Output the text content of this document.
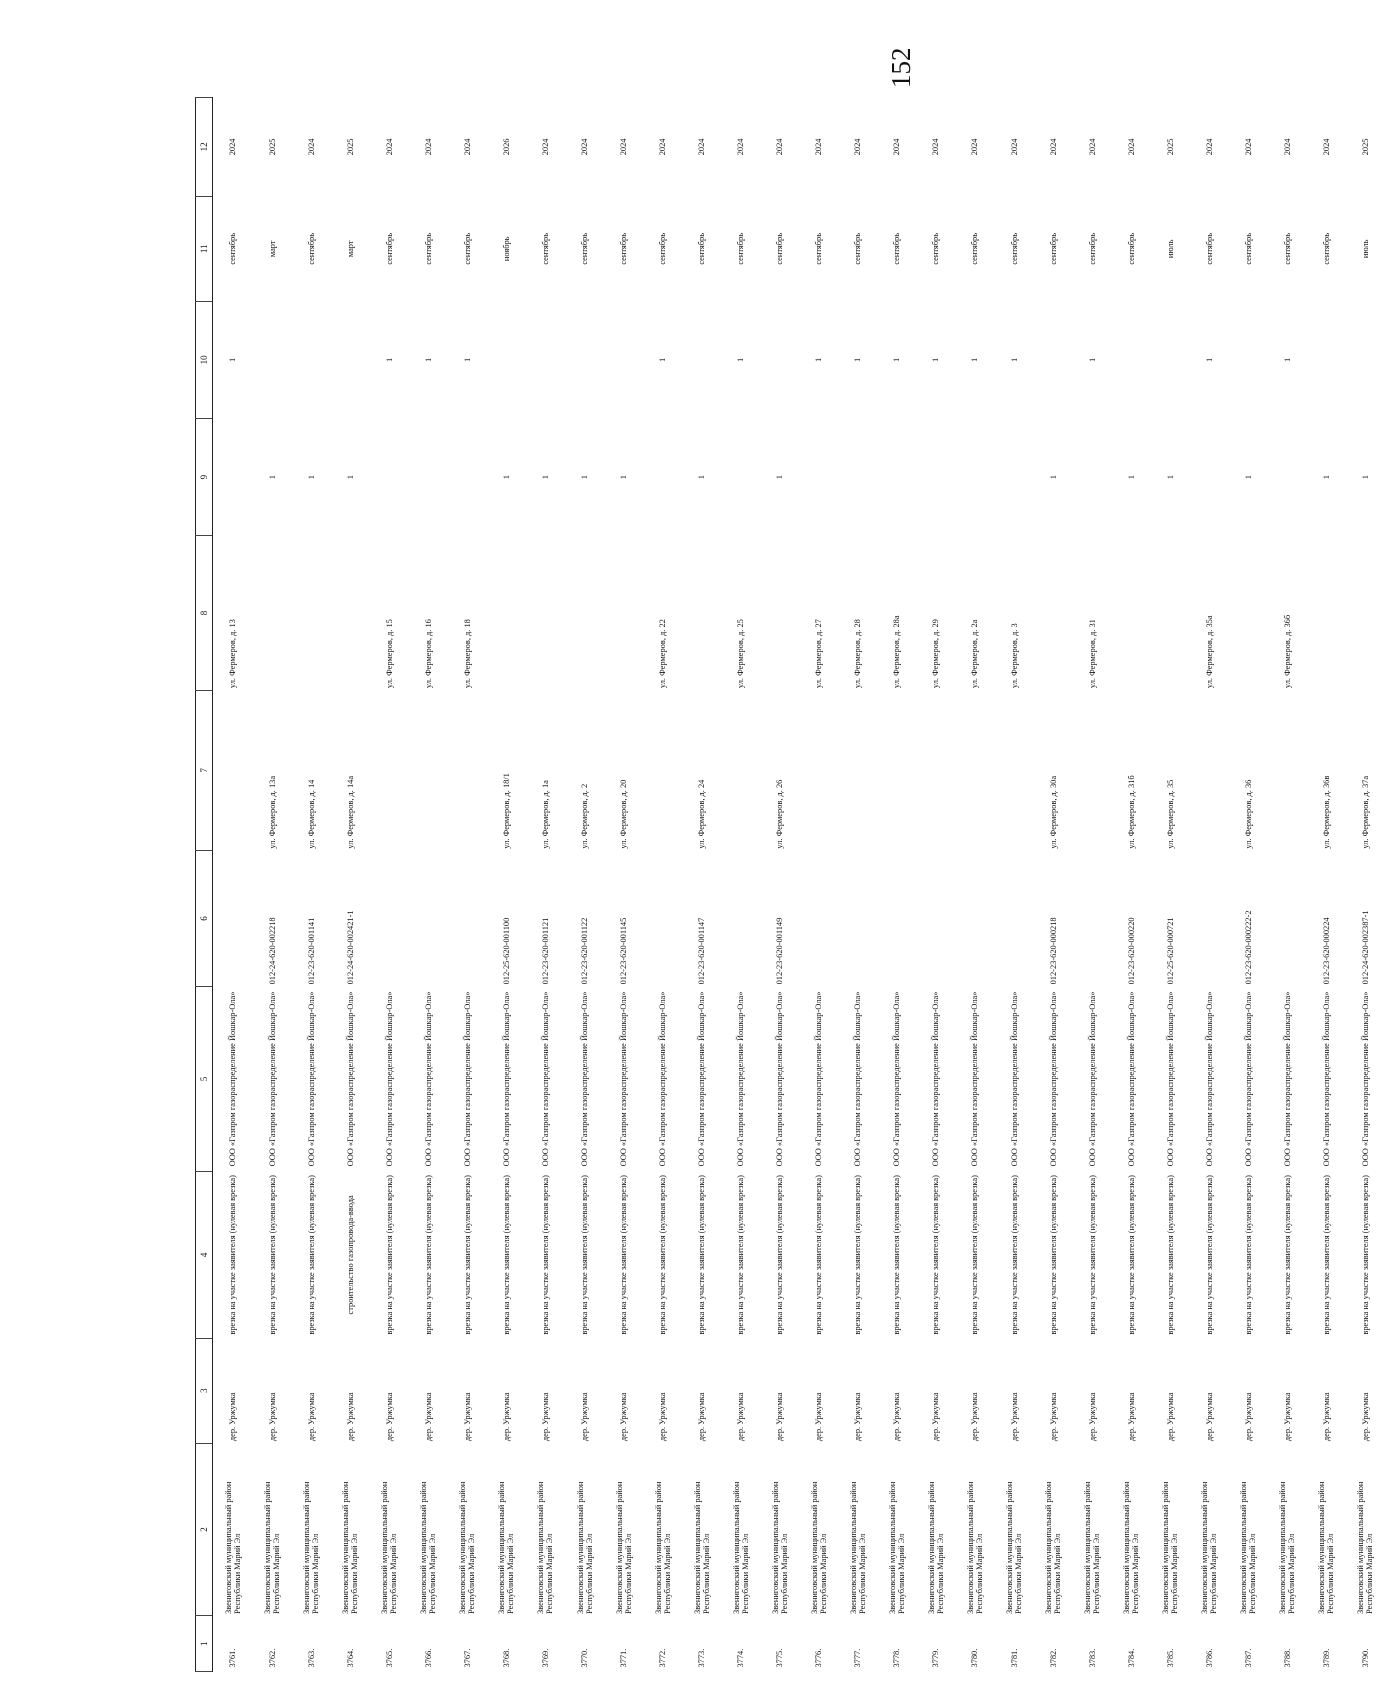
152
1	2	3	4	5	6	7	8	9	10	11	12
3761.	Звениговский муниципальный район Республики Марий Эл	дер. Уржумка	врезка на участке заявителя (нулевая врезка)	ООО «Газпром газораспределение Йошкар-Ола»			ул. Фермеров, д. 13		1	сентябрь	2024
3762.	Звениговский муниципальный район Республики Марий Эл	дер. Уржумка	врезка на участке заявителя (нулевая врезка)	ООО «Газпром газораспределение Йошкар-Ола»	012-24-620-002218	ул. Фермеров, д. 13а		1		март	2025
3763.	Звениговский муниципальный район Республики Марий Эл	дер. Уржумка	врезка на участке заявителя (нулевая врезка)	ООО «Газпром газораспределение Йошкар-Ола»	012-23-620-001141	ул. Фермеров, д. 14		1		сентябрь	2024
3764.	Звениговский муниципальный район Республики Марий Эл	дер. Уржумка	строительство газопровода-ввода	ООО «Газпром газораспределение Йошкар-Ола»	012-24-620-002421-1	ул. Фермеров, д. 14а		1		март	2025
3765.	Звениговский муниципальный район Республики Марий Эл	дер. Уржумка	врезка на участке заявителя (нулевая врезка)	ООО «Газпром газораспределение Йошкар-Ола»			ул. Фермеров, д. 15		1	сентябрь	2024
3766.	Звениговский муниципальный район Республики Марий Эл	дер. Уржумка	врезка на участке заявителя (нулевая врезка)	ООО «Газпром газораспределение Йошкар-Ола»			ул. Фермеров, д. 16		1	сентябрь	2024
3767.	Звениговский муниципальный район Республики Марий Эл	дер. Уржумка	врезка на участке заявителя (нулевая врезка)	ООО «Газпром газораспределение Йошкар-Ола»			ул. Фермеров, д. 18		1	сентябрь	2024
3768.	Звениговский муниципальный район Республики Марий Эл	дер. Уржумка	врезка на участке заявителя (нулевая врезка)	ООО «Газпром газораспределение Йошкар-Ола»	012-25-620-001100	ул. Фермеров, д. 18/1		1		ноябрь	2026
3769.	Звениговский муниципальный район Республики Марий Эл	дер. Уржумка	врезка на участке заявителя (нулевая врезка)	ООО «Газпром газораспределение Йошкар-Ола»	012-23-620-001121	ул. Фермеров, д. 1а		1		сентябрь	2024
3770.	Звениговский муниципальный район Республики Марий Эл	дер. Уржумка	врезка на участке заявителя (нулевая врезка)	ООО «Газпром газораспределение Йошкар-Ола»	012-23-620-001122	ул. Фермеров, д. 2		1		сентябрь	2024
3771.	Звениговский муниципальный район Республики Марий Эл	дер. Уржумка	врезка на участке заявителя (нулевая врезка)	ООО «Газпром газораспределение Йошкар-Ола»	012-23-620-001145	ул. Фермеров, д. 20		1		сентябрь	2024
3772.	Звениговский муниципальный район Республики Марий Эл	дер. Уржумка	врезка на участке заявителя (нулевая врезка)	ООО «Газпром газораспределение Йошкар-Ола»			ул. Фермеров, д. 22		1	сентябрь	2024
3773.	Звениговский муниципальный район Республики Марий Эл	дер. Уржумка	врезка на участке заявителя (нулевая врезка)	ООО «Газпром газораспределение Йошкар-Ола»	012-23-620-001147	ул. Фермеров, д. 24		1		сентябрь	2024
3774.	Звениговский муниципальный район Республики Марий Эл	дер. Уржумка	врезка на участке заявителя (нулевая врезка)	ООО «Газпром газораспределение Йошкар-Ола»			ул. Фермеров, д. 25		1	сентябрь	2024
3775.	Звениговский муниципальный район Республики Марий Эл	дер. Уржумка	врезка на участке заявителя (нулевая врезка)	ООО «Газпром газораспределение Йошкар-Ола»	012-23-620-001149	ул. Фермеров, д. 26		1		сентябрь	2024
3776.	Звениговский муниципальный район Республики Марий Эл	дер. Уржумка	врезка на участке заявителя (нулевая врезка)	ООО «Газпром газораспределение Йошкар-Ола»			ул. Фермеров, д. 27		1	сентябрь	2024
3777.	Звениговский муниципальный район Республики Марий Эл	дер. Уржумка	врезка на участке заявителя (нулевая врезка)	ООО «Газпром газораспределение Йошкар-Ола»			ул. Фермеров, д. 28		1	сентябрь	2024
3778.	Звениговский муниципальный район Республики Марий Эл	дер. Уржумка	врезка на участке заявителя (нулевая врезка)	ООО «Газпром газораспределение Йошкар-Ола»			ул. Фермеров, д. 28а		1	сентябрь	2024
3779.	Звениговский муниципальный район Республики Марий Эл	дер. Уржумка	врезка на участке заявителя (нулевая врезка)	ООО «Газпром газораспределение Йошкар-Ола»			ул. Фермеров, д. 29		1	сентябрь	2024
3780.	Звениговский муниципальный район Республики Марий Эл	дер. Уржумка	врезка на участке заявителя (нулевая врезка)	ООО «Газпром газораспределение Йошкар-Ола»			ул. Фермеров, д. 2а		1	сентябрь	2024
3781.	Звениговский муниципальный район Республики Марий Эл	дер. Уржумка	врезка на участке заявителя (нулевая врезка)	ООО «Газпром газораспределение Йошкар-Ола»			ул. Фермеров, д. 3		1	сентябрь	2024
3782.	Звениговский муниципальный район Республики Марий Эл	дер. Уржумка	врезка на участке заявителя (нулевая врезка)	ООО «Газпром газораспределение Йошкар-Ола»	012-23-620-000218	ул. Фермеров, д. 30а		1		сентябрь	2024
3783.	Звениговский муниципальный район Республики Марий Эл	дер. Уржумка	врезка на участке заявителя (нулевая врезка)	ООО «Газпром газораспределение Йошкар-Ола»			ул. Фермеров, д. 31		1	сентябрь	2024
3784.	Звениговский муниципальный район Республики Марий Эл	дер. Уржумка	врезка на участке заявителя (нулевая врезка)	ООО «Газпром газораспределение Йошкар-Ола»	012-23-620-000220	ул. Фермеров, д. 31б		1		сентябрь	2024
3785.	Звениговский муниципальный район Республики Марий Эл	дер. Уржумка	врезка на участке заявителя (нулевая врезка)	ООО «Газпром газораспределение Йошкар-Ола»	012-25-620-000721	ул. Фермеров, д. 35		1		июль	2025
3786.	Звениговский муниципальный район Республики Марий Эл	дер. Уржумка	врезка на участке заявителя (нулевая врезка)	ООО «Газпром газораспределение Йошкар-Ола»			ул. Фермеров, д. 35а		1	сентябрь	2024
3787.	Звениговский муниципальный район Республики Марий Эл	дер. Уржумка	врезка на участке заявителя (нулевая врезка)	ООО «Газпром газораспределение Йошкар-Ола»	012-23-620-000222-2	ул. Фермеров, д. 36		1		сентябрь	2024
3788.	Звениговский муниципальный район Республики Марий Эл	дер. Уржумка	врезка на участке заявителя (нулевая врезка)	ООО «Газпром газораспределение Йошкар-Ола»			ул. Фермеров, д. 36б		1	сентябрь	2024
3789.	Звениговский муниципальный район Республики Марий Эл	дер. Уржумка	врезка на участке заявителя (нулевая врезка)	ООО «Газпром газораспределение Йошкар-Ола»	012-23-620-000224	ул. Фермеров, д. 36в		1		сентябрь	2024
3790.	Звениговский муниципальный район Республики Марий Эл	дер. Уржумка	врезка на участке заявителя (нулевая врезка)	ООО «Газпром газораспределение Йошкар-Ола»	012-24-620-002387-1	ул. Фермеров, д. 37а		1		июль	2025
